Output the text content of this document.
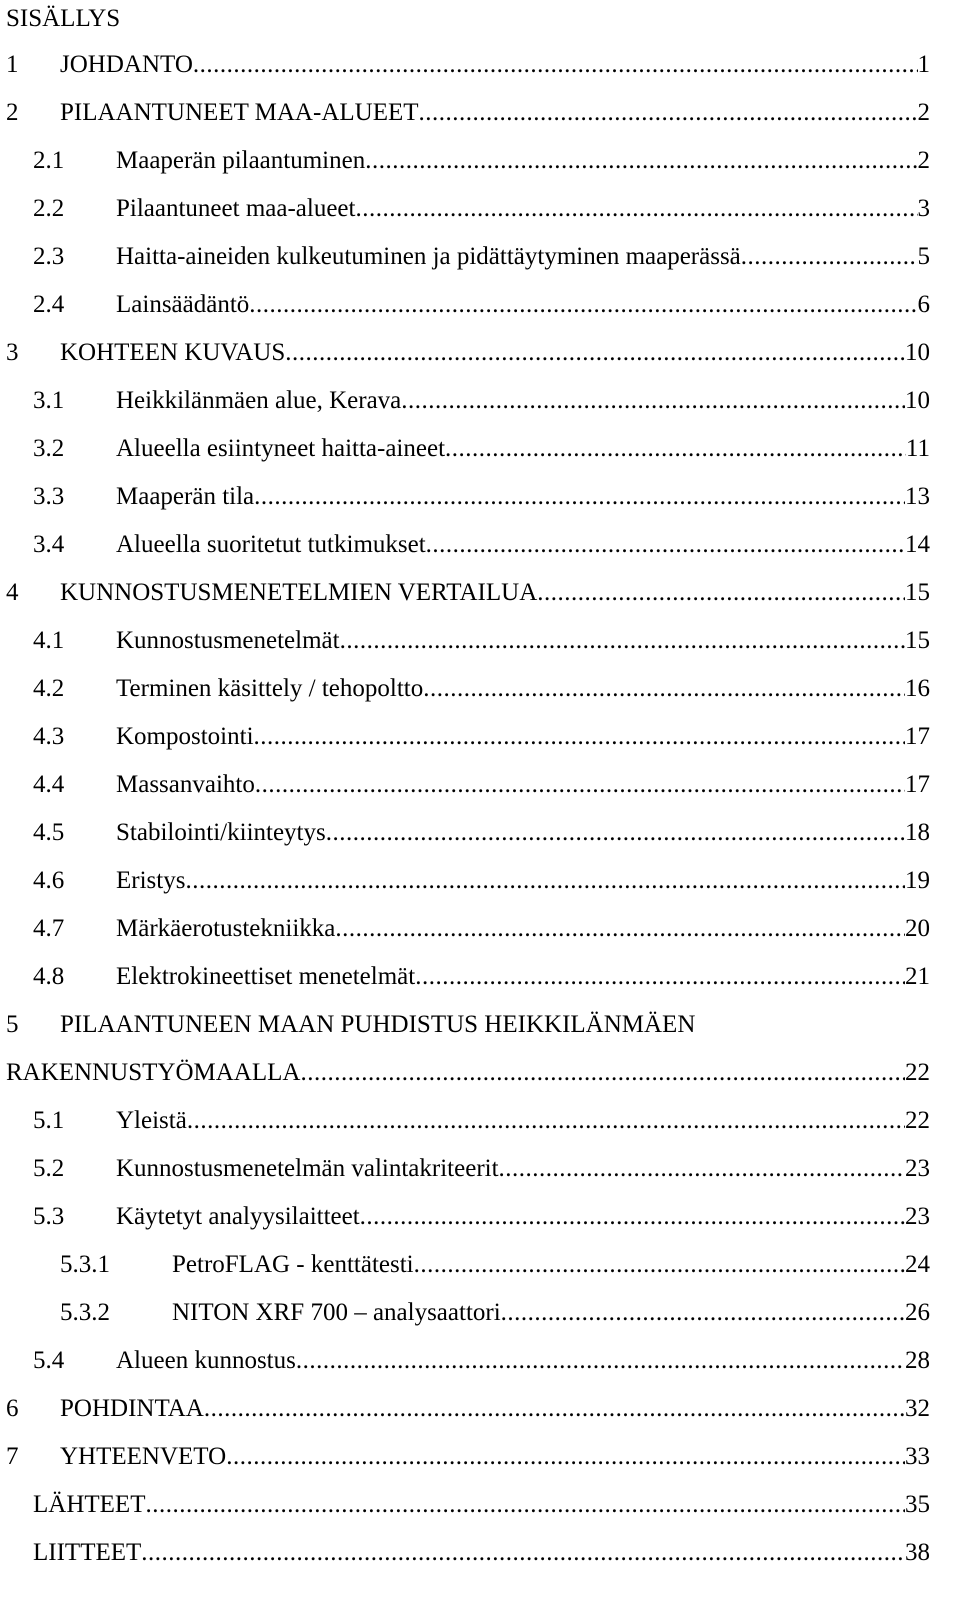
SISÄLLYS
1 JOHDANTO .....	1
2 PILAANTUNEET MAA-ALUEET .....	2
2.1 Maaperän pilaantuminen .....	2
2.2 Pilaantuneet maa-alueet .....	3
2.3 Haitta-aineiden kulkeutuminen ja pidättäytyminen maaperässä .....	5
2.4 Lainsäädäntö .....	6
3 KOHTEEN KUVAUS .....	10
3.1 Heikkilänmäen alue, Kerava .....	10
3.2 Alueella esiintyneet haitta-aineet .....	11
3.3 Maaperän tila .....	13
3.4 Alueella suoritetut tutkimukset .....	14
4 KUNNOSTUSMENETELMIEN VERTAILUA .....	15
4.1 Kunnostusmenetelmät .....	15
4.2 Terminen käsittely / tehopoltto .....	16
4.3 Kompostointi .....	17
4.4 Massanvaihto .....	17
4.5 Stabilointi/kiinteytys .....	18
4.6 Eristys .....	19
4.7 Märkäerotustekniikka .....	20
4.8 Elektrokineettiset menetelmät .....	21
5 PILAANTUNEEN MAAN PUHDISTUS HEIKKILÄNMÄEN
RAKENNUSTYÖMAALLA .....	22
5.1 Yleistä .....	22
5.2 Kunnostusmenetelmän valintakriteerit .....	23
5.3 Käytetyt analyysilaitteet .....	23
5.3.1 PetroFLAG - kenttätesti .....	24
5.3.2 NITON XRF 700 – analysaattori .....	26
5.4 Alueen kunnostus .....	28
6 POHDINTAA .....	32
7 YHTEENVETO .....	33
LÄHTEET .....	35
LIITTEET .....	38
